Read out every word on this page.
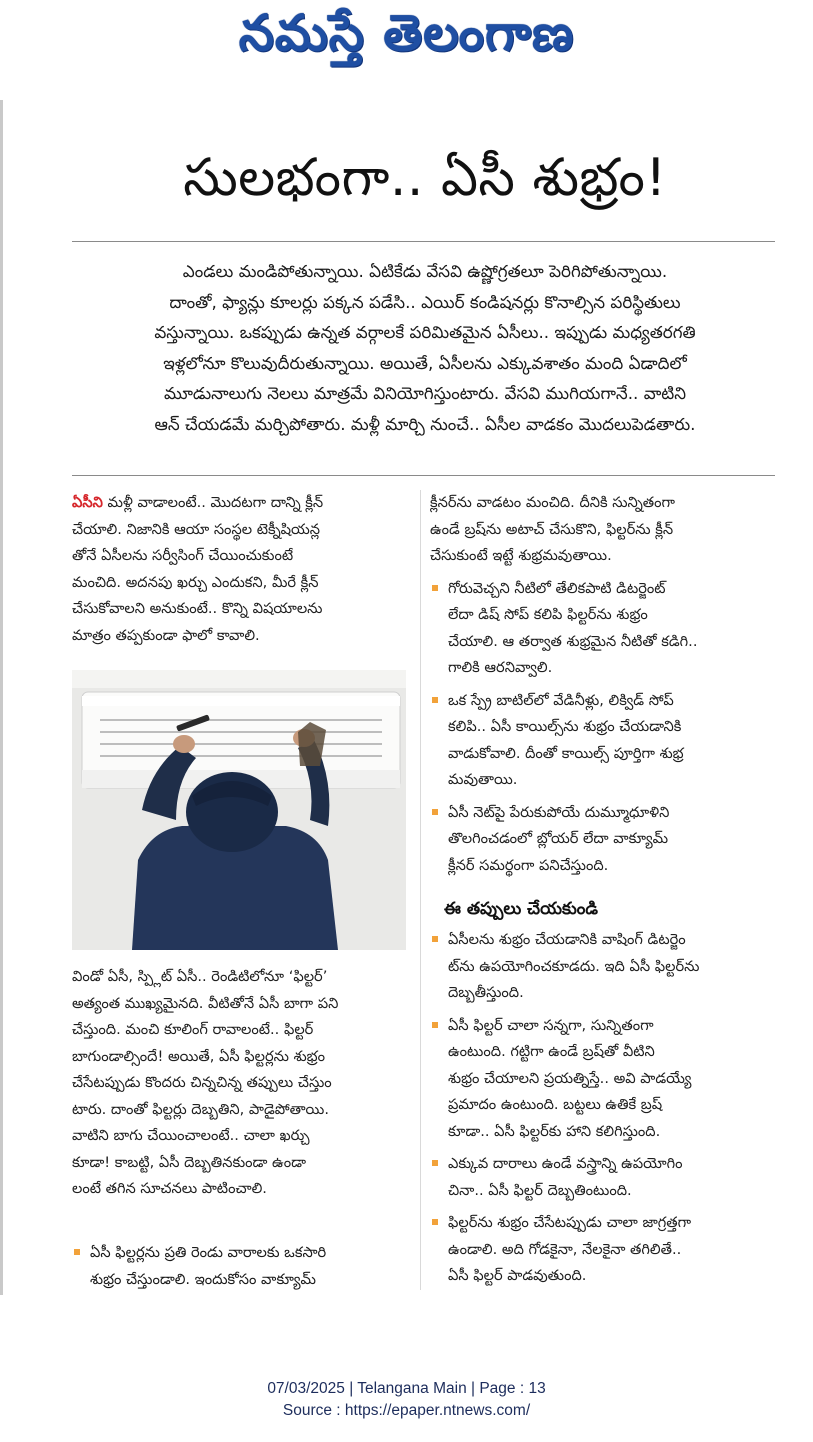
నమస్తే తెలంగాణ
సులభంగా.. ఏసీ శుభ్రం!

ఎండలు మండిపోతున్నాయి. ఏటికేడు వేసవి ఉష్ణోగ్రతలూ పెరిగిపోతున్నాయి.

దాంతో, ఫ్యాన్లు కూలర్లు పక్కన పడేసి.. ఎయిర్ కండిషనర్లు కొనాల్సిన పరిస్థితులు

వస్తున్నాయి. ఒకప్పుడు ఉన్నత వర్గాలకే పరిమితమైన ఏసీలు.. ఇప్పుడు మధ్యతరగతి

ఇళ్లలోనూ కొలువుదీరుతున్నాయి. అయితే, ఏసీలను ఎక్కువశాతం మంది ఏడాదిలో

మూడునాలుగు నెలలు మాత్రమే వినియోగిస్తుంటారు. వేసవి ముగియగానే.. వాటిని

ఆన్ చేయడమే మర్చిపోతారు. మళ్లీ మార్చి నుంచే.. ఏసీల వాడకం మొదలుపెడతారు.

ఏసీని మళ్లీ వాడాలంటే.. మొదటగా దాన్ని క్లీన్

చేయాలి. నిజానికి ఆయా సంస్థల టెక్నీషియన్ల

తోనే ఏసీలను సర్వీసింగ్ చేయించుకుంటే

మంచిది. అదనపు ఖర్చు ఎందుకని, మీరే క్లీన్

చేసుకోవాలని అనుకుంటే.. కొన్ని విషయాలను

మాత్రం తప్పకుండా ఫాలో కావాలి.

విండో ఏసీ, స్ప్లిట్ ఏసీ.. రెండిటిలోనూ ‘ఫిల్టర్’

అత్యంత ముఖ్యమైనది. వీటితోనే ఏసీ బాగా పని

చేస్తుంది. మంచి కూలింగ్ రావాలంటే.. ఫిల్టర్

బాగుండాల్సిందే! అయితే, ఏసీ ఫిల్టర్లను శుభ్రం

చేసేటప్పుడు కొందరు చిన్నచిన్న తప్పులు చేస్తుం

టారు. దాంతో ఫిల్టర్లు దెబ్బతిని, పాడైపోతాయి.

వాటిని బాగు చేయించాలంటే.. చాలా ఖర్చు

కూడా! కాబట్టి, ఏసీ దెబ్బతినకుండా ఉండా

లంటే తగిన సూచనలు పాటించాలి.

ఏసీ ఫిల్టర్లను ప్రతి రెండు వారాలకు ఒకసారి

శుభ్రం చేస్తుండాలి. ఇందుకోసం వాక్యూమ్

క్లీనర్‌ను వాడటం మంచిది. దీనికి సున్నితంగా

ఉండే బ్రష్‌ను అటాచ్ చేసుకొని, ఫిల్టర్‌ను క్లీన్

చేసుకుంటే ఇట్టే శుభ్రమవుతాయి.

గోరువెచ్చని నీటిలో తేలికపాటి డిటర్జెంట్

లేదా డిష్ సోప్ కలిపి ఫిల్టర్‌ను శుభ్రం

చేయాలి. ఆ తర్వాత శుభ్రమైన నీటితో కడిగి..

గాలికి ఆరనివ్వాలి.

ఒక స్ప్రే బాటిల్‌లో వేడినీళ్లు, లిక్విడ్ సోప్

కలిపి.. ఏసీ కాయిల్స్‌ను శుభ్రం చేయడానికి

వాడుకోవాలి. దీంతో కాయిల్స్ పూర్తిగా శుభ్ర

మవుతాయి.

ఏసీ నెట్‌పై పేరుకుపోయే దుమ్మూధూళిని

తొలగించడంలో బ్లోయర్ లేదా వాక్యూమ్

క్లీనర్ సమర్థంగా పనిచేస్తుంది.

ఈ తప్పులు చేయకుండి

ఏసీలను శుభ్రం చేయడానికి వాషింగ్ డిటర్జెం

ట్‌ను ఉపయోగించకూడదు. ఇది ఏసీ ఫిల్టర్‌ను

దెబ్బతీస్తుంది.

ఏసీ ఫిల్టర్ చాలా సన్నగా, సున్నితంగా

ఉంటుంది. గట్టిగా ఉండే బ్రష్‌తో వీటిని

శుభ్రం చేయాలని ప్రయత్నిస్తే.. అవి పాడయ్యే

ప్రమాదం ఉంటుంది. బట్టలు ఉతికే బ్రష్

కూడా.. ఏసీ ఫిల్టర్‌కు హాని కలిగిస్తుంది.

ఎక్కువ దారాలు ఉండే వస్త్రాన్ని ఉపయోగిం

చినా.. ఏసీ ఫిల్టర్ దెబ్బతింటుంది.

ఫిల్టర్‌ను శుభ్రం చేసేటప్పుడు చాలా జాగ్రత్తగా

ఉండాలి. అది గోడకైనా, నేలకైనా తగిలితే..

ఏసీ ఫిల్టర్ పాడవుతుంది.

07/03/2025 | Telangana Main | Page : 13
Source : https://epaper.ntnews.com/
